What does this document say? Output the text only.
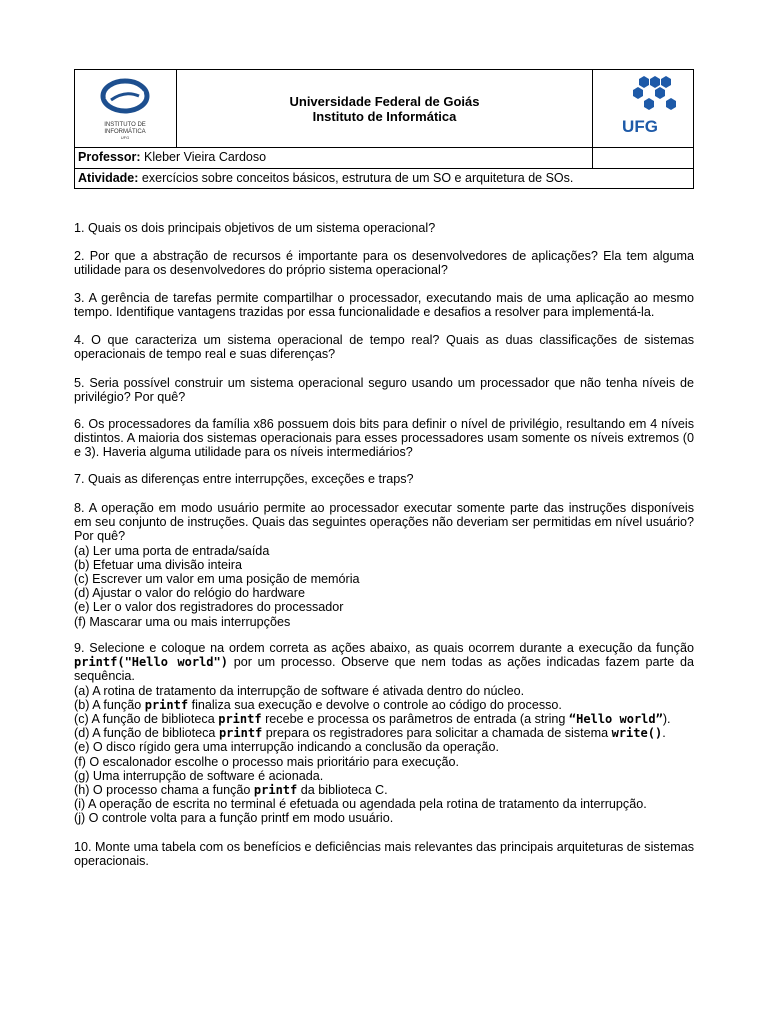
INSTITUTO DE
INFORMÁTICA
UFG
Universidade Federal de Goiás
Instituto de Informática
UFG
Professor: Kleber Vieira Cardoso
Atividade: exercícios sobre conceitos básicos, estrutura de um SO e arquitetura de SOs.
1. Quais os dois principais objetivos de um sistema operacional?
2. Por que a abstração de recursos é importante para os desenvolvedores de aplicações? Ela tem alguma utilidade para os desenvolvedores do próprio sistema operacional?
3. A gerência de tarefas permite compartilhar o processador, executando mais de uma aplicação ao mesmo tempo. Identifique vantagens trazidas por essa funcionalidade e desafios a resolver para implementá-la.
4. O que caracteriza um sistema operacional de tempo real? Quais as duas classificações de sistemas operacionais de tempo real e suas diferenças?
5. Seria possível construir um sistema operacional seguro usando um processador que não tenha níveis de privilégio? Por quê?
6. Os processadores da família x86 possuem dois bits para definir o nível de privilégio, resultando em 4 níveis distintos. A maioria dos sistemas operacionais para esses processadores usam somente os níveis extremos (0 e 3). Haveria alguma utilidade para os níveis intermediários?
7. Quais as diferenças entre interrupções, exceções e traps?

8. A operação em modo usuário permite ao processador executar somente parte das instruções disponíveis em seu conjunto de instruções. Quais das seguintes operações não deveriam ser permitidas em nível usuário? Por quê?

(a) Ler uma porta de entrada/saída
(b) Efetuar uma divisão inteira
(c) Escrever um valor em uma posição de memória
(d) Ajustar o valor do relógio do hardware
(e) Ler o valor dos registradores do processador
(f) Mascarar uma ou mais interrupções

9. Selecione e coloque na ordem correta as ações abaixo, as quais ocorrem durante a execução da função printf("Hello world") por um processo. Observe que nem todas as ações indicadas fazem parte da sequência.

(a) A rotina de tratamento da interrupção de software é ativada dentro do núcleo.
(b) A função printf finaliza sua execução e devolve o controle ao código do processo.
(c) A função de biblioteca printf recebe e processa os parâmetros de entrada (a string “Hello world”).
(d) A função de biblioteca printf prepara os registradores para solicitar a chamada de sistema write().
(e) O disco rígido gera uma interrupção indicando a conclusão da operação.
(f) O escalonador escolhe o processo mais prioritário para execução.
(g) Uma interrupção de software é acionada.
(h) O processo chama a função printf da biblioteca C.
(i) A operação de escrita no terminal é efetuada ou agendada pela rotina de tratamento da interrupção.
(j) O controle volta para a função printf em modo usuário.
10. Monte uma tabela com os benefícios e deficiências mais relevantes das principais arquiteturas de sistemas operacionais.
